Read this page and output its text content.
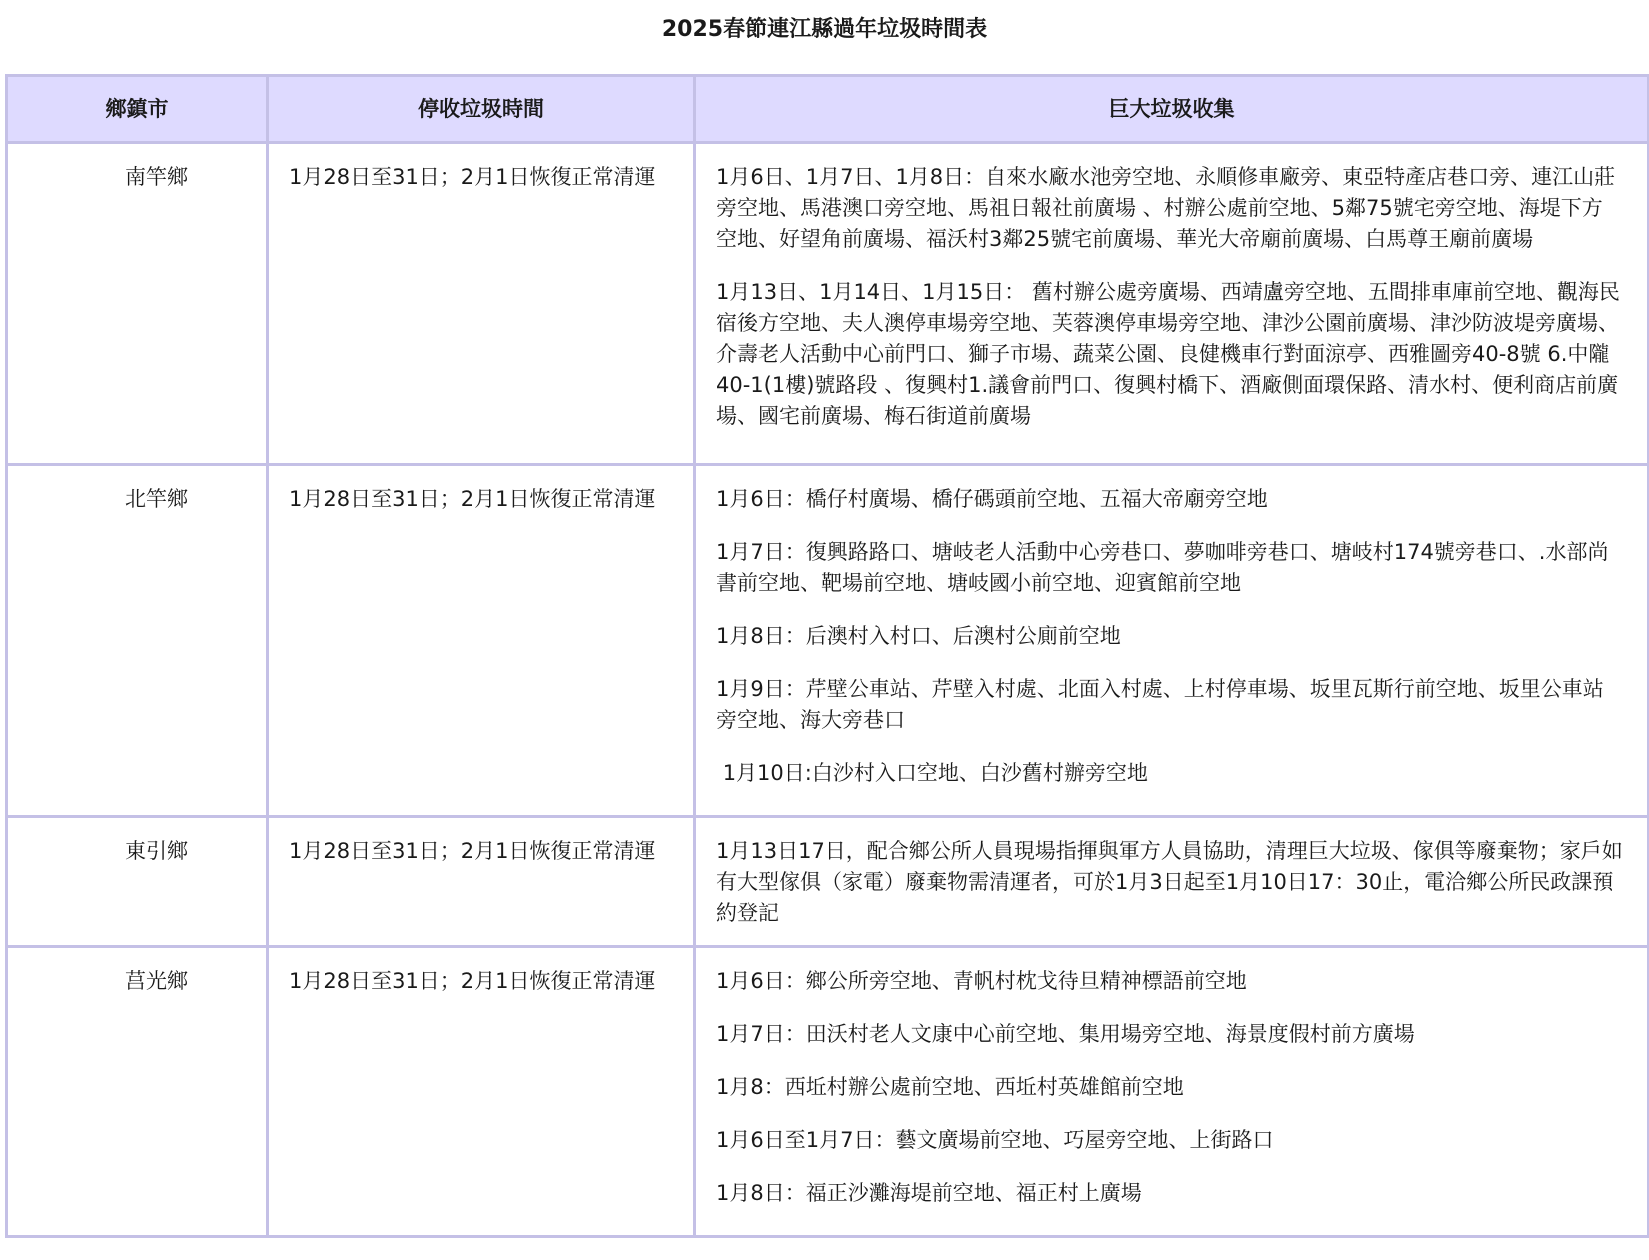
2025春節連江縣過年垃圾時間表
鄉鎮市	停收垃圾時間	巨大垃圾收集

南竿鄉	1月28日至31日；2月1日恢復正常清運	1月6日、1月7日、1月8日：自來水廠水池旁空地、永順修車廠旁、東亞特產店巷口旁、連江山莊旁空地、馬港澳口旁空地、馬祖日報社前廣場 、村辦公處前空地、5鄰75號宅旁空地、海堤下方空地、好望角前廣場、福沃村3鄰25號宅前廣場、華光大帝廟前廣場、白馬尊王廟前廣場

1月13日、1月14日、1月15日： 舊村辦公處旁廣場、西靖盧旁空地、五間排車庫前空地、觀海民宿後方空地、夫人澳停車場旁空地、芙蓉澳停車場旁空地、津沙公園前廣場、津沙防波堤旁廣場、介壽老人活動中心前門口、獅子市場、蔬菜公園、良健機車行對面涼亭、西雅圖旁40-8號 6.中隴40-1(1樓)號路段 、復興村1.議會前門口、復興村橋下、酒廠側面環保路、清水村、便利商店前廣場、國宅前廣場、梅石街道前廣場

北竿鄉	1月28日至31日；2月1日恢復正常清運	1月6日：橋仔村廣場、橋仔碼頭前空地、五福大帝廟旁空地

1月7日：復興路路口、塘岐老人活動中心旁巷口、夢咖啡旁巷口、塘岐村174號旁巷口、.水部尚書前空地、靶場前空地、塘岐國小前空地、迎賓館前空地

1月8日：后澳村入村口、后澳村公廁前空地

1月9日：芹壁公車站、芹壁入村處、北面入村處、上村停車場、坂里瓦斯行前空地、坂里公車站旁空地、海大旁巷口

1月10日:白沙村入口空地、白沙舊村辦旁空地

東引鄉	1月28日至31日；2月1日恢復正常清運	1月13日17日，配合鄉公所人員現場指揮與軍方人員協助，清理巨大垃圾、傢俱等廢棄物；家戶如有大型傢俱（家電）廢棄物需清運者，可於1月3日起至1月10日17：30止，電洽鄉公所民政課預約登記

莒光鄉	1月28日至31日；2月1日恢復正常清運	1月6日：鄉公所旁空地、青帆村枕戈待旦精神標語前空地

1月7日：田沃村老人文康中心前空地、集用場旁空地、海景度假村前方廣場

1月8：西坵村辦公處前空地、西坵村英雄館前空地

1月6日至1月7日：藝文廣場前空地、巧屋旁空地、上街路口

1月8日：福正沙灘海堤前空地、福正村上廣場
